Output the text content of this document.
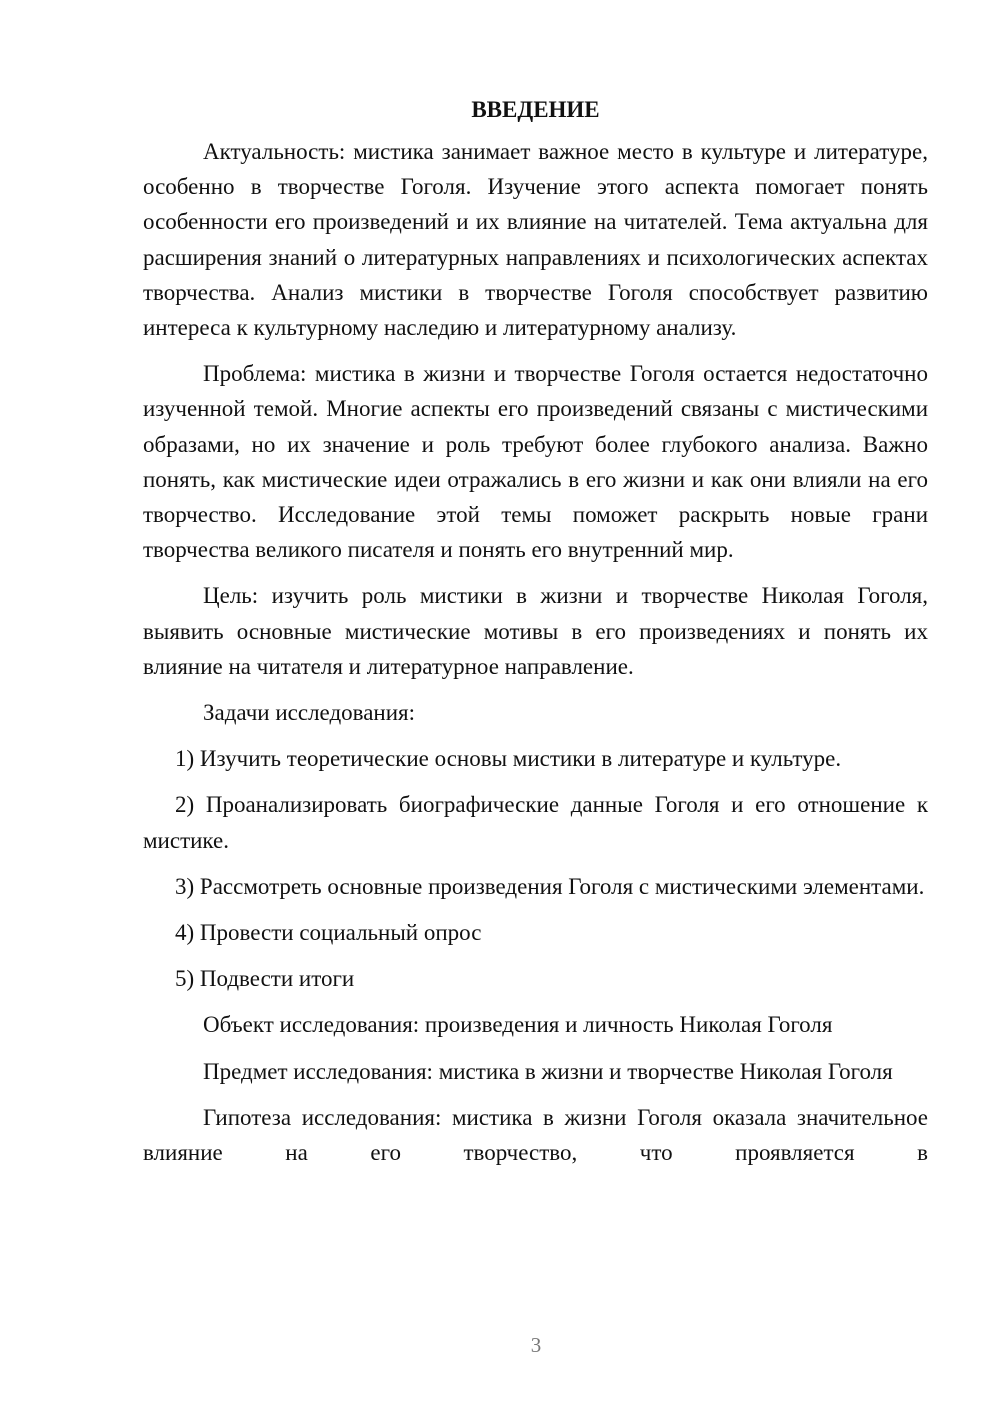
ВВЕДЕНИЕ

Актуальность: мистика занимает важное место в культуре и литературе, особенно в творчестве Гоголя. Изучение этого аспекта помогает понять особенности его произведений и их влияние на читателей. Тема актуальна для расширения знаний о литературных направлениях и психологических аспектах творчества. Анализ мистики в творчестве Гоголя способствует развитию интереса к культурному наследию и литературному анализу.

Проблема: мистика в жизни и творчестве Гоголя остается недостаточно изученной темой. Многие аспекты его произведений связаны с мистическими образами, но их значение и роль требуют более глубокого анализа. Важно понять, как мистические идеи отражались в его жизни и как они влияли на его творчество. Исследование этой темы поможет раскрыть новые грани творчества великого писателя и понять его внутренний мир.

Цель: изучить роль мистики в жизни и творчестве Николая Гоголя, выявить основные мистические мотивы в его произведениях и понять их влияние на читателя и литературное направление.

Задачи исследования:

1) Изучить теоретические основы мистики в литературе и культуре.

2) Проанализировать биографические данные Гоголя и его отношение к мистике.

3) Рассмотреть основные произведения Гоголя с мистическими элементами.

4) Провести социальный опрос

5) Подвести итоги

Объект исследования: произведения и личность Николая Гоголя

Предмет исследования: мистика в жизни и творчестве Николая Гоголя

Гипотеза исследования: мистика в жизни Гоголя оказала значительное влияние на его творчество, что проявляется в

3
